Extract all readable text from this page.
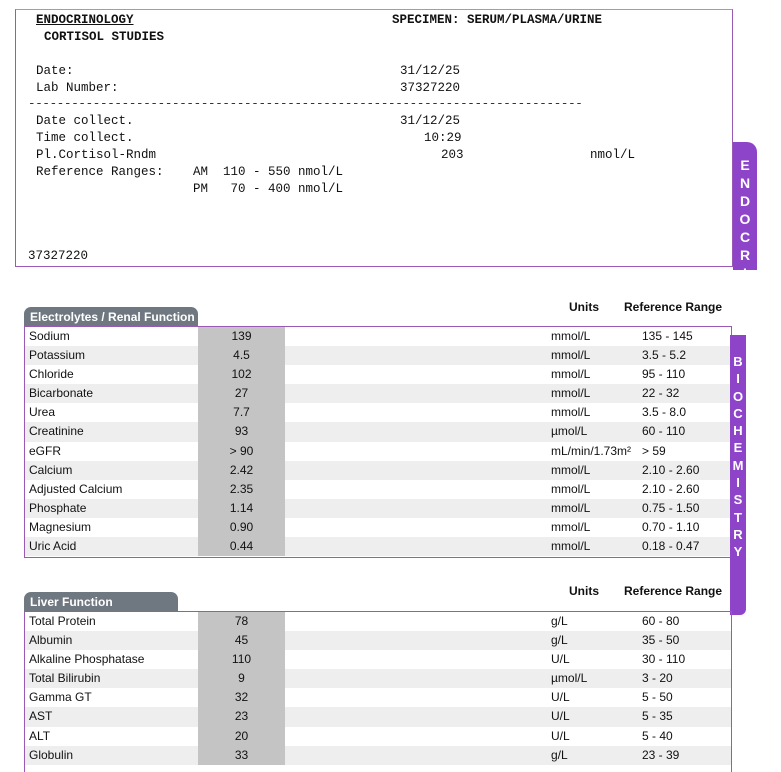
ENDOCRINOLOGY
CORTISOL STUDIES
SPECIMEN: SERUM/PLASMA/URINE
Date:	31/12/25
Lab Number:	37327220
-----------------------------------------------------------------------------
Date collect.	31/12/25
Time collect.	10:29
Pl.Cortisol-Rndm	203	nmol/L
Reference Ranges: AM  110 - 550 nmol/L
PM   70 - 400 nmol/L
37327220
E
N
D
O
C
R
I
Units Reference Range
Electrolytes / Renal Function
Sodium	139	mmol/L	135 - 145
Potassium	4.5	mmol/L	3.5 - 5.2
Chloride	102	mmol/L	95 - 110
Bicarbonate	27	mmol/L	22 - 32
Urea	7.7	mmol/L	3.5 - 8.0
Creatinine	93	µmol/L	60 - 110
eGFR	> 90	mL/min/1.73m² > 59
Calcium	2.42	mmol/L	2.10 - 2.60
Adjusted Calcium	2.35	mmol/L	2.10 - 2.60
Phosphate	1.14	mmol/L	0.75 - 1.50
Magnesium	0.90	mmol/L	0.70 - 1.10
Uric Acid	0.44	mmol/L	0.18 - 0.47
B
I
O
C
H
E
M
I
S
T
R
Y
Units Reference Range
Liver Function
Total Protein	78	g/L	60 - 80
Albumin	45	g/L	35 - 50
Alkaline Phosphatase	110	U/L	30 - 110
Total Bilirubin	9	µmol/L	3 - 20
Gamma GT	32	U/L	5 - 50
AST	23	U/L	5 - 35
ALT	20	U/L	5 - 40
Globulin	33	g/L	23 - 39
